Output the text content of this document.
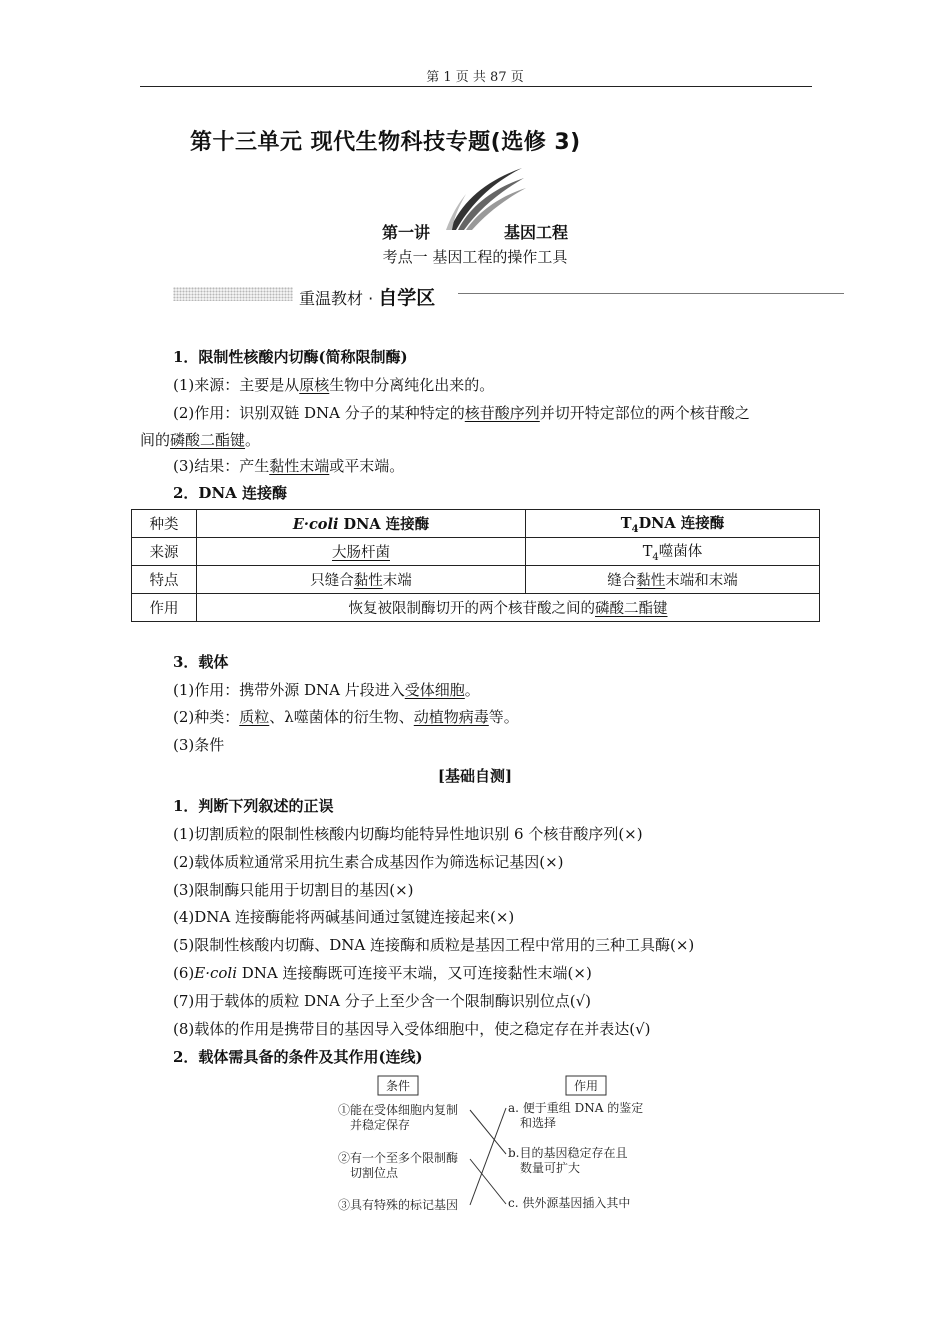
第 1 页 共 87 页
第十三单元 现代生物科技专题(选修 3)
第一讲	基因工程
考点一 基因工程的操作工具
重温教材 · 自学区
1．限制性核酸内切酶(简称限制酶)
(1)来源：主要是从原核生物中分离纯化出来的。
(2)作用：识别双链 DNA 分子的某种特定的核苷酸序列并切开特定部位的两个核苷酸之
间的磷酸二酯键。
(3)结果：产生黏性末端或平末端。
2．DNA 连接酶
种类	E·coli DNA 连接酶	$T_4DNA$ 连接酶
来源	大肠杆菌	$T_4$噬菌体
特点	只缝合黏性末端	缝合黏性末端和末端
作用	恢复被限制酶切开的两个核苷酸之间的磷酸二酯键	
3．载体
(1)作用：携带外源 DNA 片段进入受体细胞。
(2)种类：质粒、λ噬菌体的衍生物、动植物病毒等。
(3)条件
[基础自测]
1．判断下列叙述的正误
(1)切割质粒的限制性核酸内切酶均能特异性地识别 6 个核苷酸序列(×)
(2)载体质粒通常采用抗生素合成基因作为筛选标记基因(×)
(3)限制酶只能用于切割目的基因(×)
(4)DNA 连接酶能将两碱基间通过氢键连接起来(×)
(5)限制性核酸内切酶、DNA 连接酶和质粒是基因工程中常用的三种工具酶(×)
(6)E·coli DNA 连接酶既可连接平末端，又可连接黏性末端(×)
(7)用于载体的质粒 DNA 分子上至少含一个限制酶识别位点(√)
(8)载体的作用是携带目的基因导入受体细胞中，使之稳定存在并表达(√)
2．载体需具备的条件及其作用(连线)
条件	作用
①能在受体细胞内复制
并稳定保存
②有一个至多个限制酶
切割位点
③具有特殊的标记基因
a. 便于重组 DNA 的鉴定
和选择
b.目的基因稳定存在且
数量可扩大
c. 供外源基因插入其中
